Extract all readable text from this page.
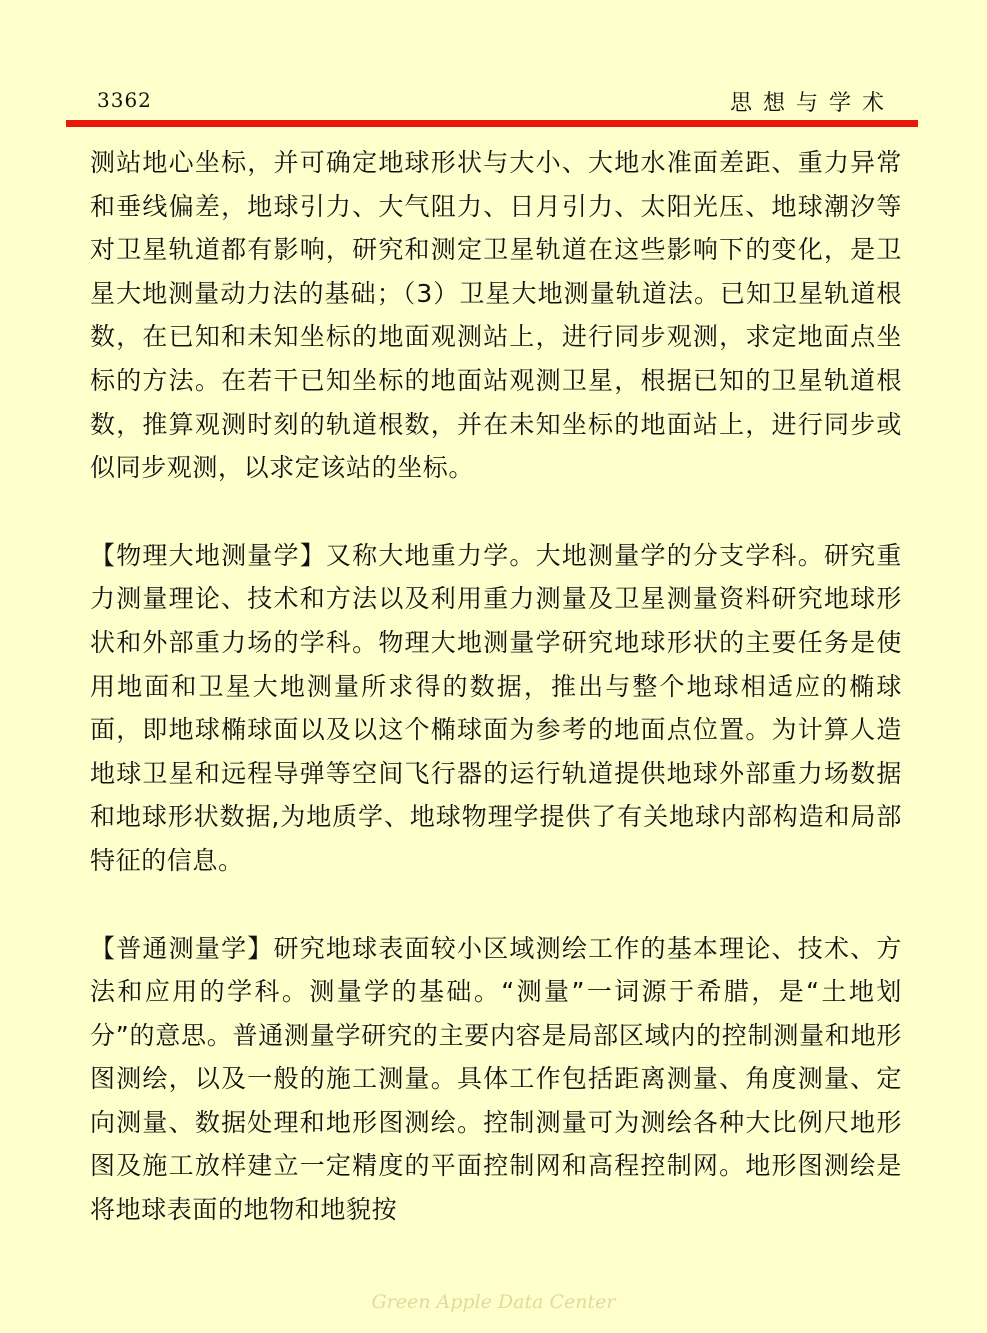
3362	思想与学术

测站地心坐标，并可确定地球形状与大小、大地水准面差距、重力异常和垂线偏差，地球引力、大气阻力、日月引力、太阳光压、地球潮汐等对卫星轨道都有影响，研究和测定卫星轨道在这些影响下的变化，是卫星大地测量动力法的基础；（3）卫星大地测量轨道法。已知卫星轨道根数，在已知和未知坐标的地面观测站上，进行同步观测，求定地面点坐标的方法。在若干已知坐标的地面站观测卫星，根据已知的卫星轨道根数，推算观测时刻的轨道根数，并在未知坐标的地面站上，进行同步或似同步观测，以求定该站的坐标。

【物理大地测量学】又称大地重力学。大地测量学的分支学科。研究重力测量理论、技术和方法以及利用重力测量及卫星测量资料研究地球形状和外部重力场的学科。物理大地测量学研究地球形状的主要任务是使用地面和卫星大地测量所求得的数据，推出与整个地球相适应的椭球面，即地球椭球面以及以这个椭球面为参考的地面点位置。为计算人造地球卫星和远程导弹等空间飞行器的运行轨道提供地球外部重力场数据和地球形状数据,为地质学、地球物理学提供了有关地球内部构造和局部特征的信息。

【普通测量学】研究地球表面较小区域测绘工作的基本理论、技术、方法和应用的学科。测量学的基础。“测量”一词源于希腊，是“土地划分”的意思。普通测量学研究的主要内容是局部区域内的控制测量和地形图测绘，以及一般的施工测量。具体工作包括距离测量、角度测量、定向测量、数据处理和地形图测绘。控制测量可为测绘各种大比例尺地形图及施工放样建立一定精度的平面控制网和高程控制网。地形图测绘是将地球表面的地物和地貌按

Green Apple Data Center
